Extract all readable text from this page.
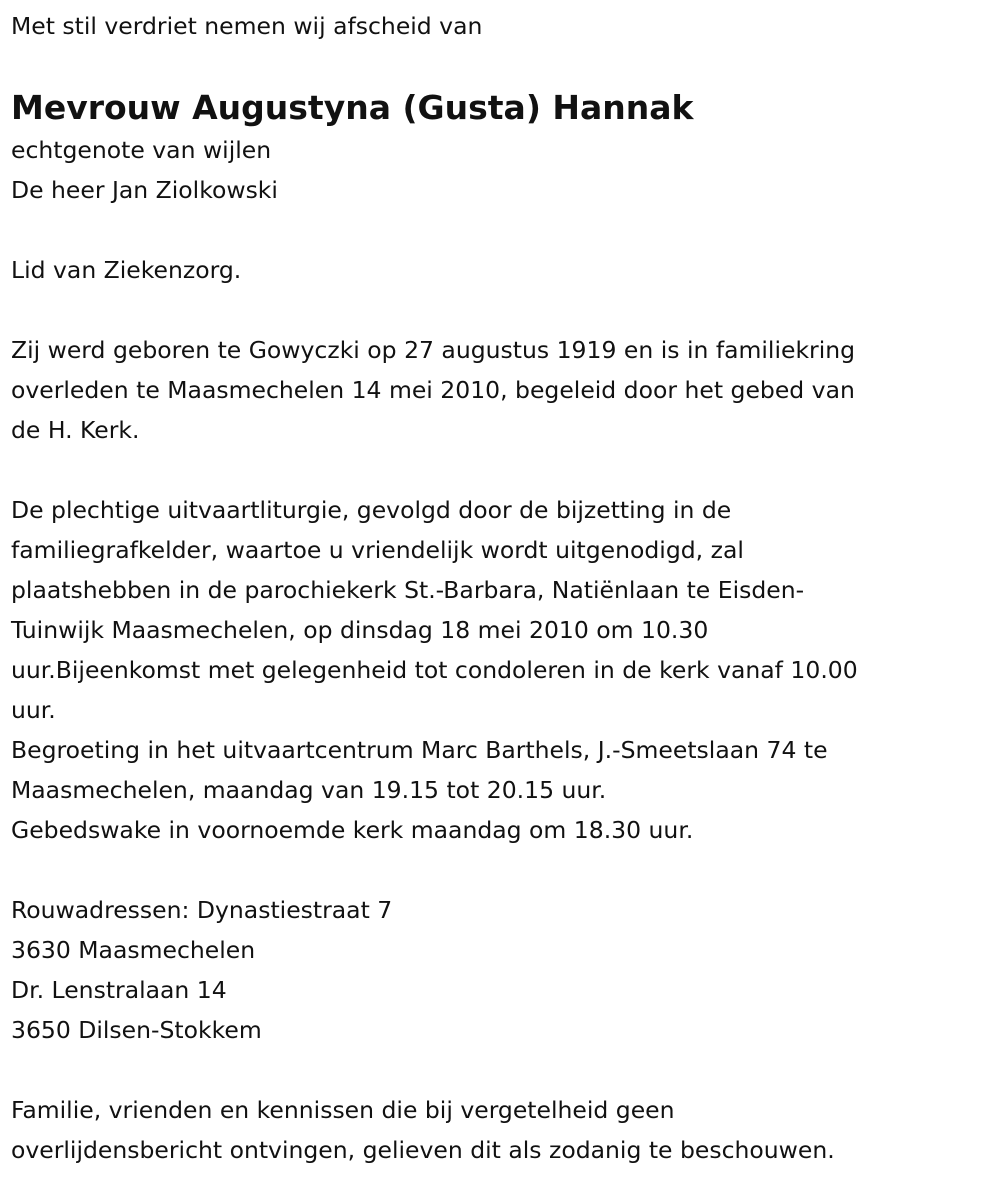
Met stil verdriet nemen wij afscheid van
Mevrouw Augustyna (Gusta) Hannak
echtgenote van wijlen
De heer Jan Ziolkowski
Lid van Ziekenzorg.
Zij werd geboren te Gowyczki op 27 augustus 1919 en is in familiekring
overleden te Maasmechelen 14 mei 2010, begeleid door het gebed van
de H. Kerk.
De plechtige uitvaartliturgie, gevolgd door de bijzetting in de
familiegrafkelder, waartoe u vriendelijk wordt uitgenodigd, zal
plaatshebben in de parochiekerk St.-Barbara, Natiënlaan te Eisden-
Tuinwijk Maasmechelen, op dinsdag 18 mei 2010 om 10.30
uur.Bijeenkomst met gelegenheid tot condoleren in de kerk vanaf 10.00
uur.
Begroeting in het uitvaartcentrum Marc Barthels, J.-Smeetslaan 74 te
Maasmechelen, maandag van 19.15 tot 20.15 uur.
Gebedswake in voornoemde kerk maandag om 18.30 uur.
Rouwadressen: Dynastiestraat 7
3630 Maasmechelen
Dr. Lenstralaan 14
3650 Dilsen-Stokkem
Familie, vrienden en kennissen die bij vergetelheid geen
overlijdensbericht ontvingen, gelieven dit als zodanig te beschouwen.
